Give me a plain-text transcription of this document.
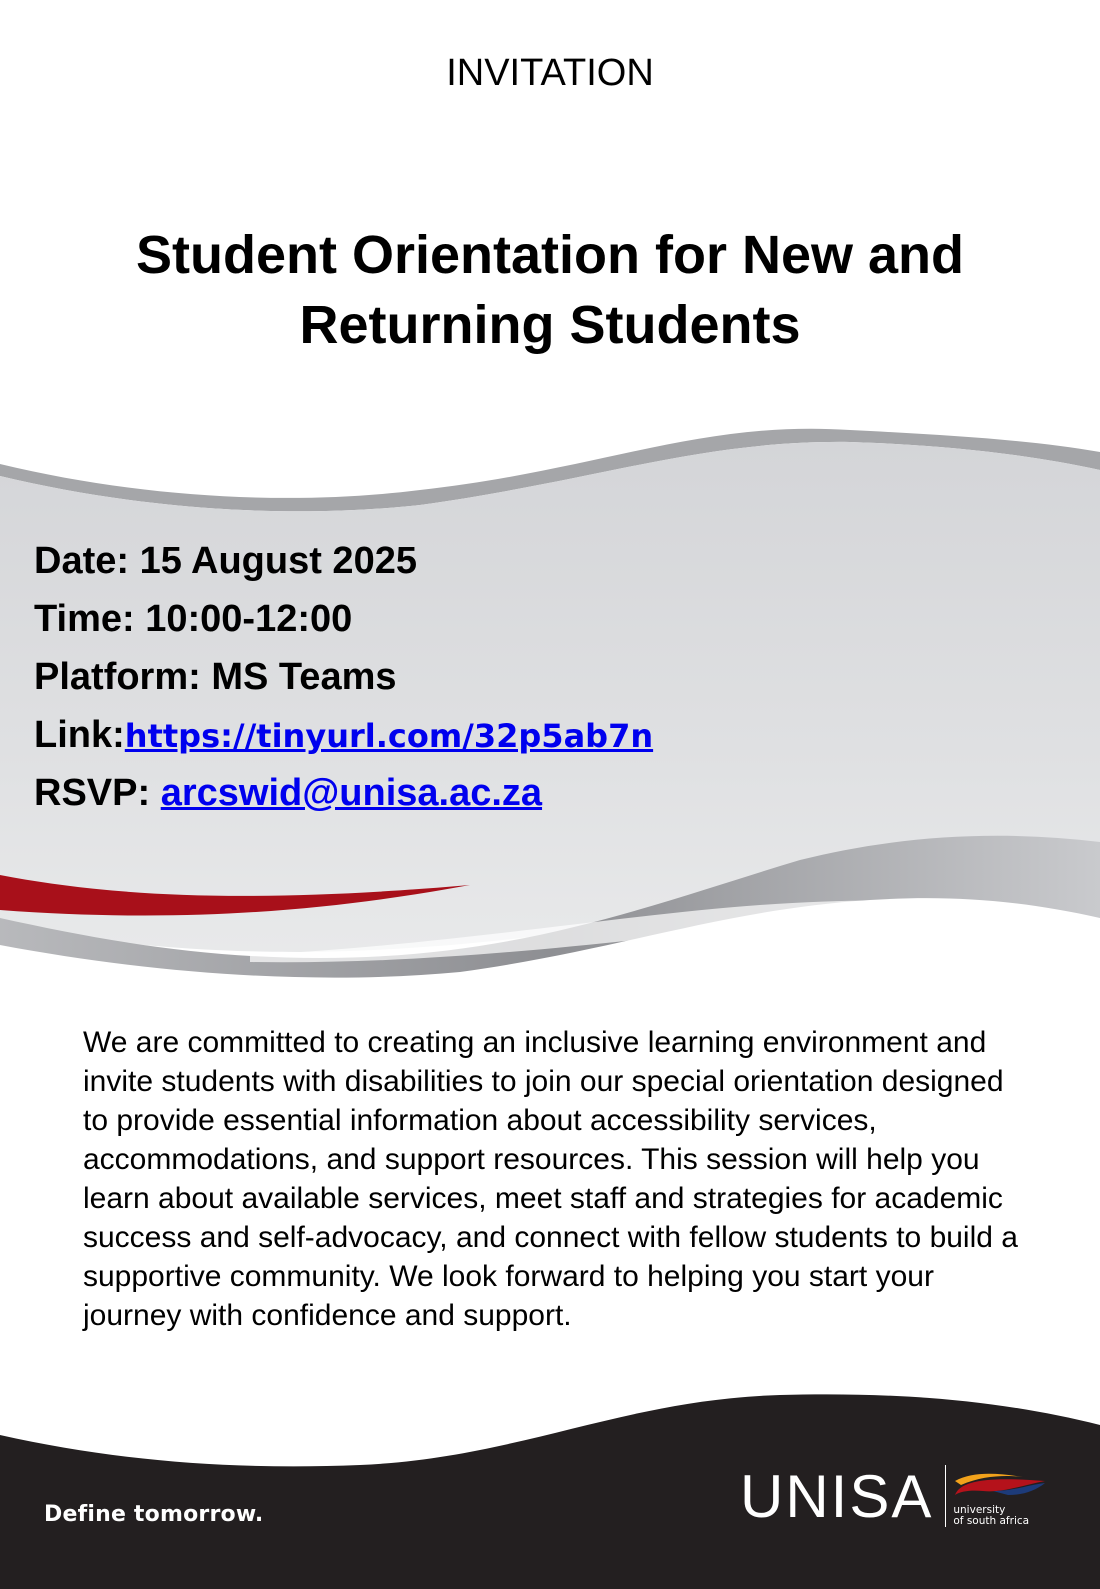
INVITATION
Student Orientation for New and Returning Students
Date: 15 August 2025
Time: 10:00-12:00
Platform: MS Teams
Link:https://tinyurl.com/32p5ab7n
RSVP: arcswid@unisa.ac.za

We are committed to creating an inclusive learning environment and invite students with disabilities to join our special orientation designed to provide essential information about accessibility services, accommodations, and support resources. This session will help you learn about available services, meet staff and strategies for academic success and self-advocacy, and connect with fellow students to build a supportive community. We look forward to helping you start your journey with confidence and support.

Define tomorrow.	UNISA university
of south africa
